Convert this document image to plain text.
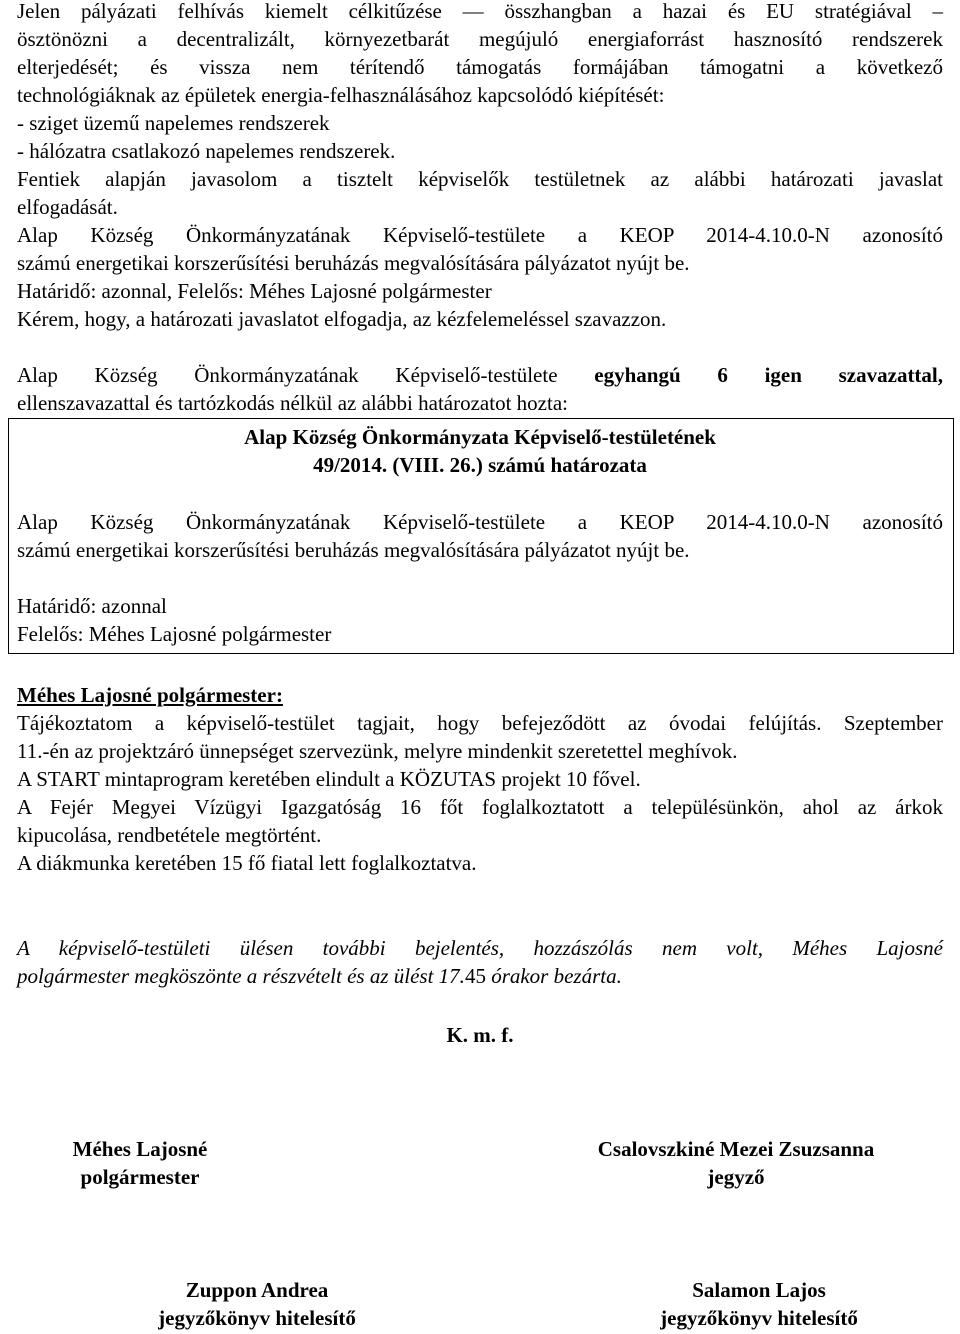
Jelen pályázati felhívás kiemelt célkitűzése — összhangban a hazai és EU stratégiával –
ösztönözni a decentralizált, környezetbarát megújuló energiaforrást hasznosító rendszerek
elterjedését; és vissza nem térítendő támogatás formájában támogatni a következő
technológiáknak az épületek energia-felhasználásához kapcsolódó kiépítését:
- sziget üzemű napelemes rendszerek
- hálózatra csatlakozó napelemes rendszerek.
Fentiek alapján javasolom a tisztelt képviselők testületnek az alábbi határozati javaslat
elfogadását.
Alap Község Önkormányzatának Képviselő-testülete a KEOP 2014-4.10.0-N azonosító
számú energetikai korszerűsítési beruházás megvalósítására pályázatot nyújt be.
Határidő: azonnal, Felelős: Méhes Lajosné polgármester
Kérem, hogy, a határozati javaslatot elfogadja, az kézfelemeléssel szavazzon.
Alap Község Önkormányzatának Képviselő-testülete egyhangú 6 igen szavazattal,
ellenszavazattal és tartózkodás nélkül az alábbi határozatot hozta:
Alap Község Önkormányzata Képviselő-testületének
49/2014. (VIII. 26.) számú határozata
Alap Község Önkormányzatának Képviselő-testülete a KEOP 2014-4.10.0-N azonosító
számú energetikai korszerűsítési beruházás megvalósítására pályázatot nyújt be.
Határidő: azonnal
Felelős: Méhes Lajosné polgármester
Méhes Lajosné polgármester:
Tájékoztatom a képviselő-testület tagjait, hogy befejeződött az óvodai felújítás. Szeptember
11.-én az projektzáró ünnepséget szervezünk, melyre mindenkit szeretettel meghívok.
A START mintaprogram keretében elindult a KÖZUTAS projekt 10 fővel.
A Fejér Megyei Vízügyi Igazgatóság 16 főt foglalkoztatott a településünkön, ahol az árkok
kipucolása, rendbetétele megtörtént.
A diákmunka keretében 15 fő fiatal lett foglalkoztatva.
A képviselő-testületi ülésen további bejelentés, hozzászólás nem volt, Méhes Lajosné
polgármester megköszönte a részvételt és az ülést 17.45 órakor bezárta.
K. m. f.
Méhes Lajosné
polgármester
Csalovszkiné Mezei Zsuzsanna
jegyző
Zuppon Andrea
jegyzőkönyv hitelesítő
Salamon Lajos
jegyzőkönyv hitelesítő
